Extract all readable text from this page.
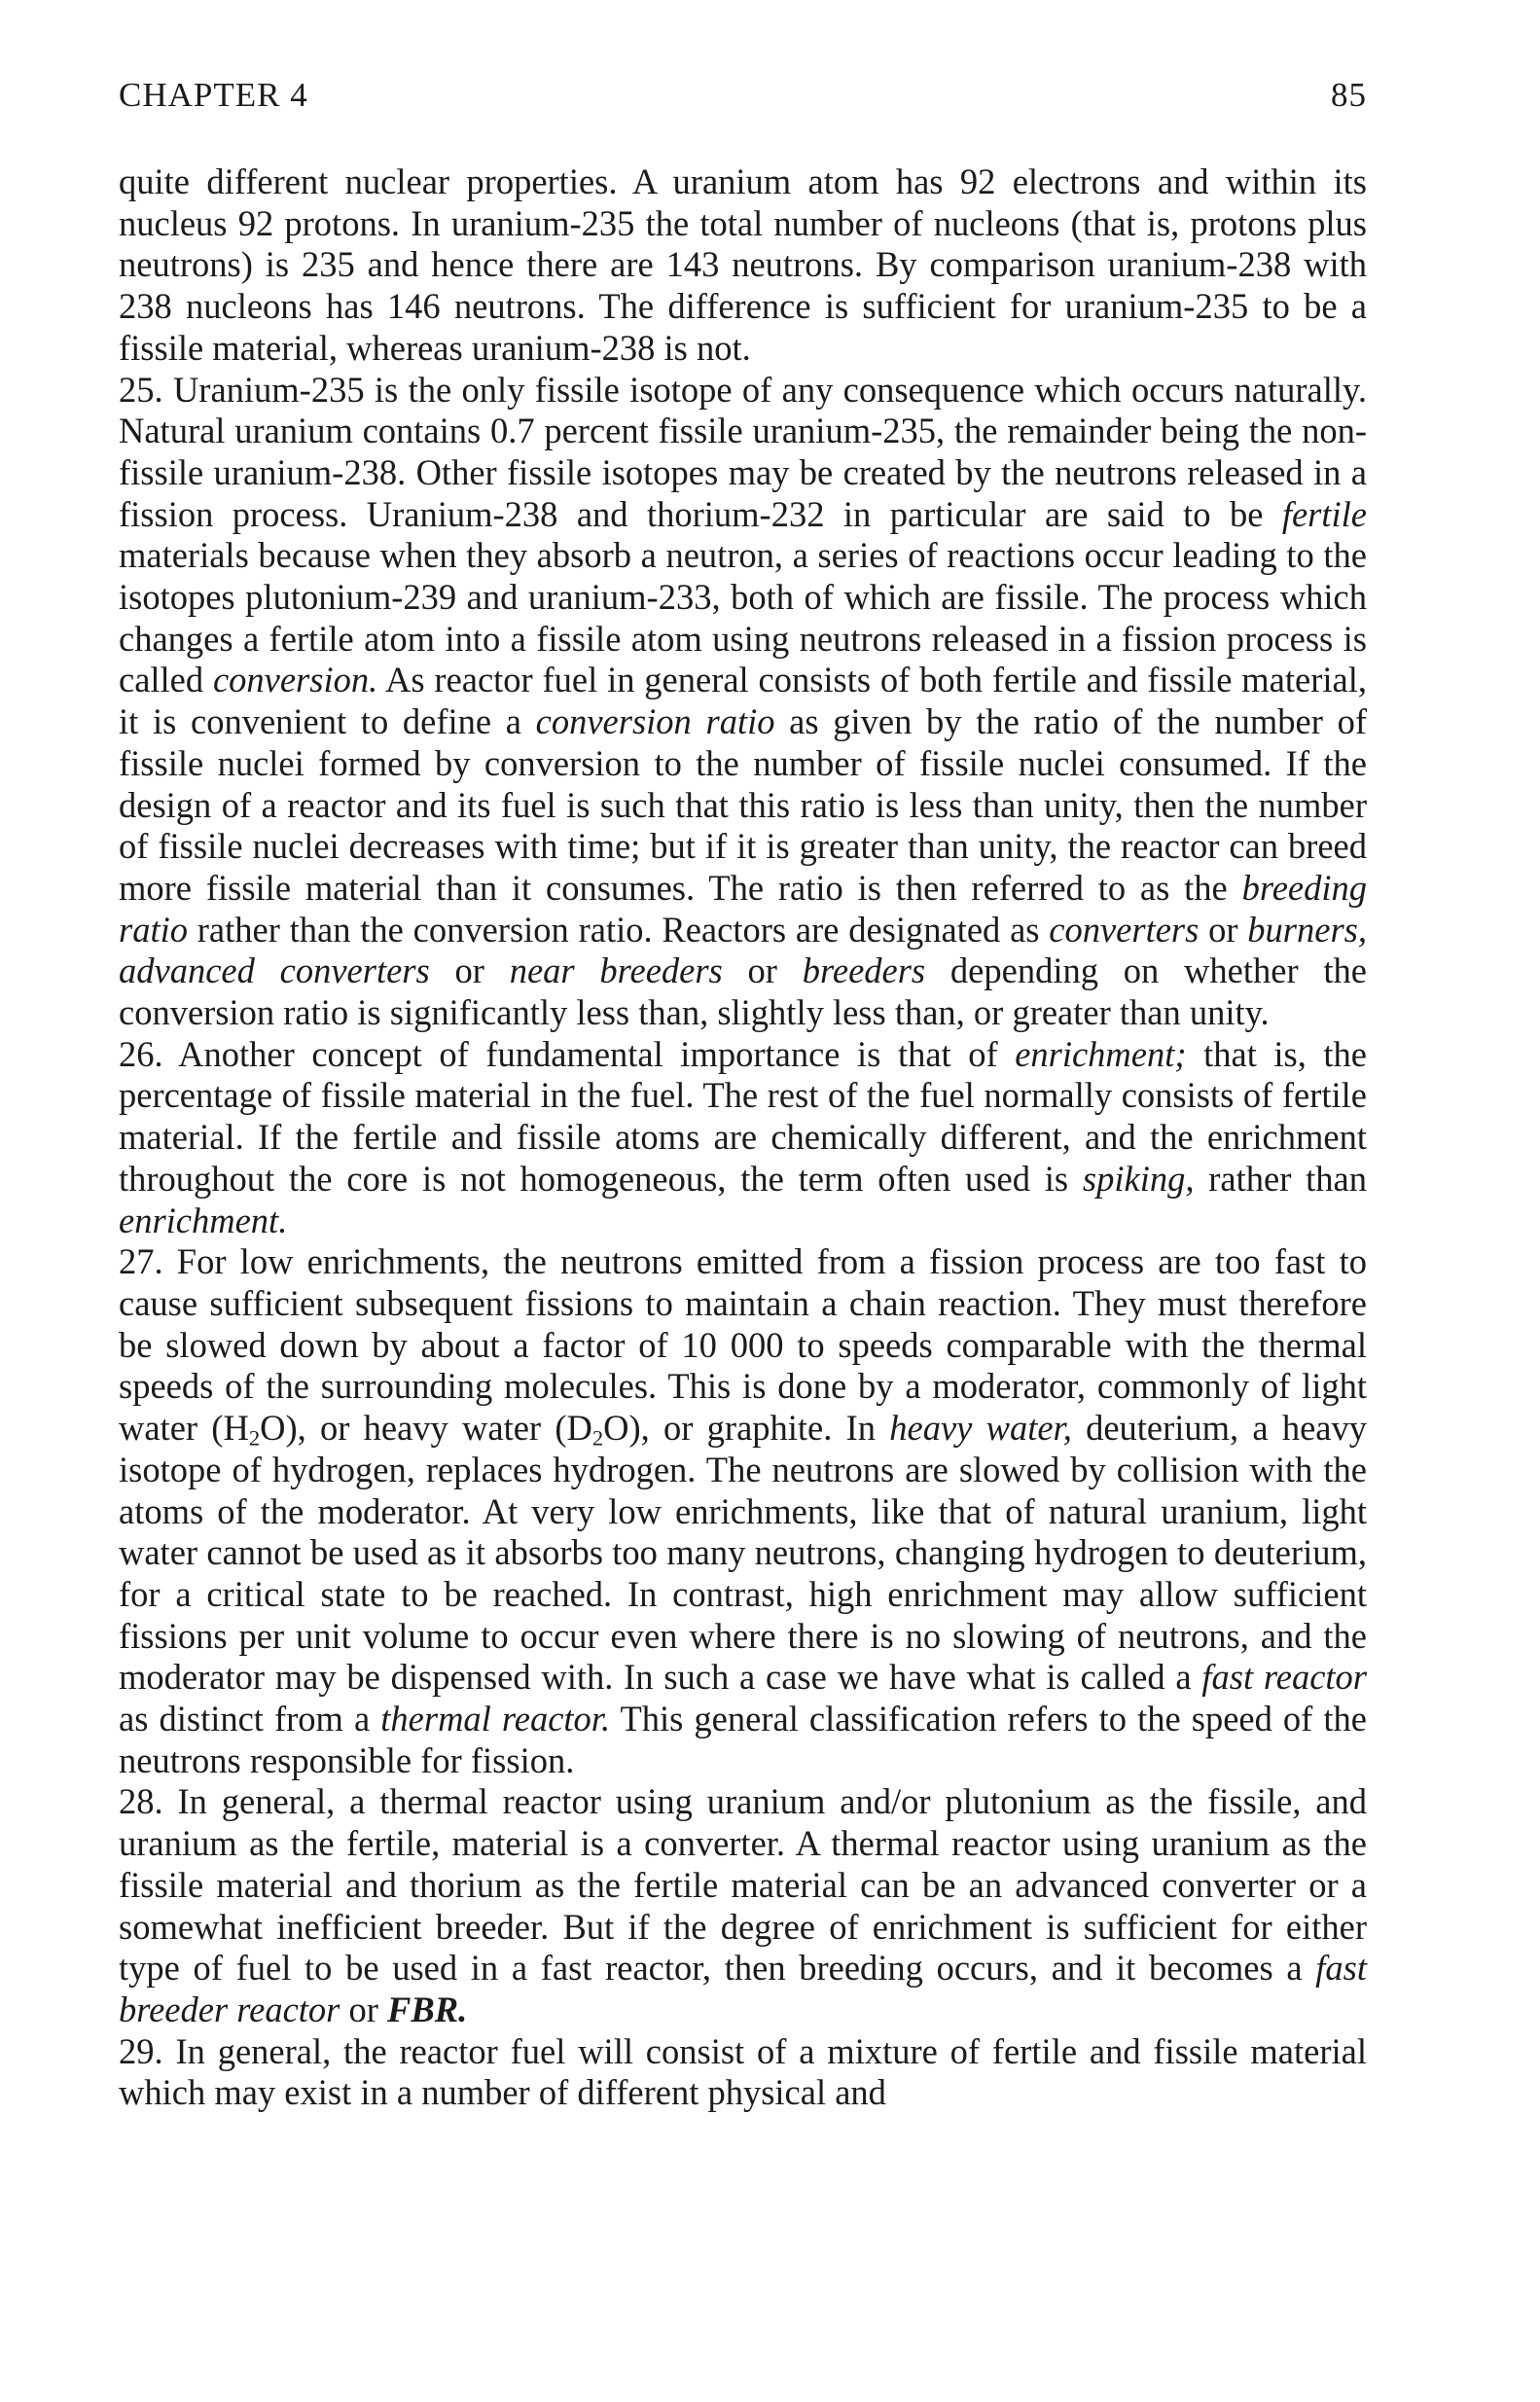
CHAPTER 4	85

quite different nuclear properties. A uranium atom has 92 electrons and within its nucleus 92 protons. In uranium-235 the total number of nucleons (that is, protons plus neutrons) is 235 and hence there are 143 neutrons. By comparison uranium-238 with 238 nucleons has 146 neutrons. The difference is sufficient for uranium-235 to be a fissile material, whereas uranium-238 is not.

25. Uranium-235 is the only fissile isotope of any consequence which occurs naturally. Natural uranium contains 0.7 percent fissile uranium-235, the remainder being the non-fissile uranium-238. Other fissile isotopes may be created by the neutrons released in a fission process. Uranium-238 and thorium-232 in particular are said to be fertile materials because when they absorb a neutron, a series of reactions occur leading to the isotopes plutonium-239 and uranium-233, both of which are fissile. The process which changes a fertile atom into a fissile atom using neutrons released in a fission process is called conversion. As reactor fuel in general consists of both fertile and fissile material, it is convenient to define a conversion ratio as given by the ratio of the number of fissile nuclei formed by conversion to the number of fissile nuclei consumed. If the design of a reactor and its fuel is such that this ratio is less than unity, then the number of fissile nuclei decreases with time; but if it is greater than unity, the reactor can breed more fissile material than it consumes. The ratio is then referred to as the breeding ratio rather than the conversion ratio. Reactors are designated as converters or burners, advanced converters or near breeders or breeders depending on whether the conversion ratio is significantly less than, slightly less than, or greater than unity.

26. Another concept of fundamental importance is that of enrichment; that is, the percentage of fissile material in the fuel. The rest of the fuel normally consists of fertile material. If the fertile and fissile atoms are chemically different, and the enrichment throughout the core is not homogeneous, the term often used is spiking, rather than enrichment.

27. For low enrichments, the neutrons emitted from a fission process are too fast to cause sufficient subsequent fissions to maintain a chain reaction. They must therefore be slowed down by about a factor of 10 000 to speeds comparable with the thermal speeds of the surrounding molecules. This is done by a moderator, commonly of light water $(H_2O)$, or heavy water $(D_2O)$, or graphite. In heavy water, deuterium, a heavy isotope of hydrogen, replaces hydrogen. The neutrons are slowed by collision with the atoms of the moderator. At very low enrichments, like that of natural uranium, light water cannot be used as it absorbs too many neutrons, changing hydrogen to deuterium, for a critical state to be reached. In contrast, high enrichment may allow sufficient fissions per unit volume to occur even where there is no slowing of neutrons, and the moderator may be dispensed with. In such a case we have what is called a fast reactor as distinct from a thermal reactor. This general classification refers to the speed of the neutrons responsible for fission.

28. In general, a thermal reactor using uranium and/or plutonium as the fissile, and uranium as the fertile, material is a converter. A thermal reactor using uranium as the fissile material and thorium as the fertile material can be an advanced converter or a somewhat inefficient breeder. But if the degree of enrichment is sufficient for either type of fuel to be used in a fast reactor, then breeding occurs, and it becomes a fast breeder reactor or FBR.

29. In general, the reactor fuel will consist of a mixture of fertile and fissile material which may exist in a number of different physical and
